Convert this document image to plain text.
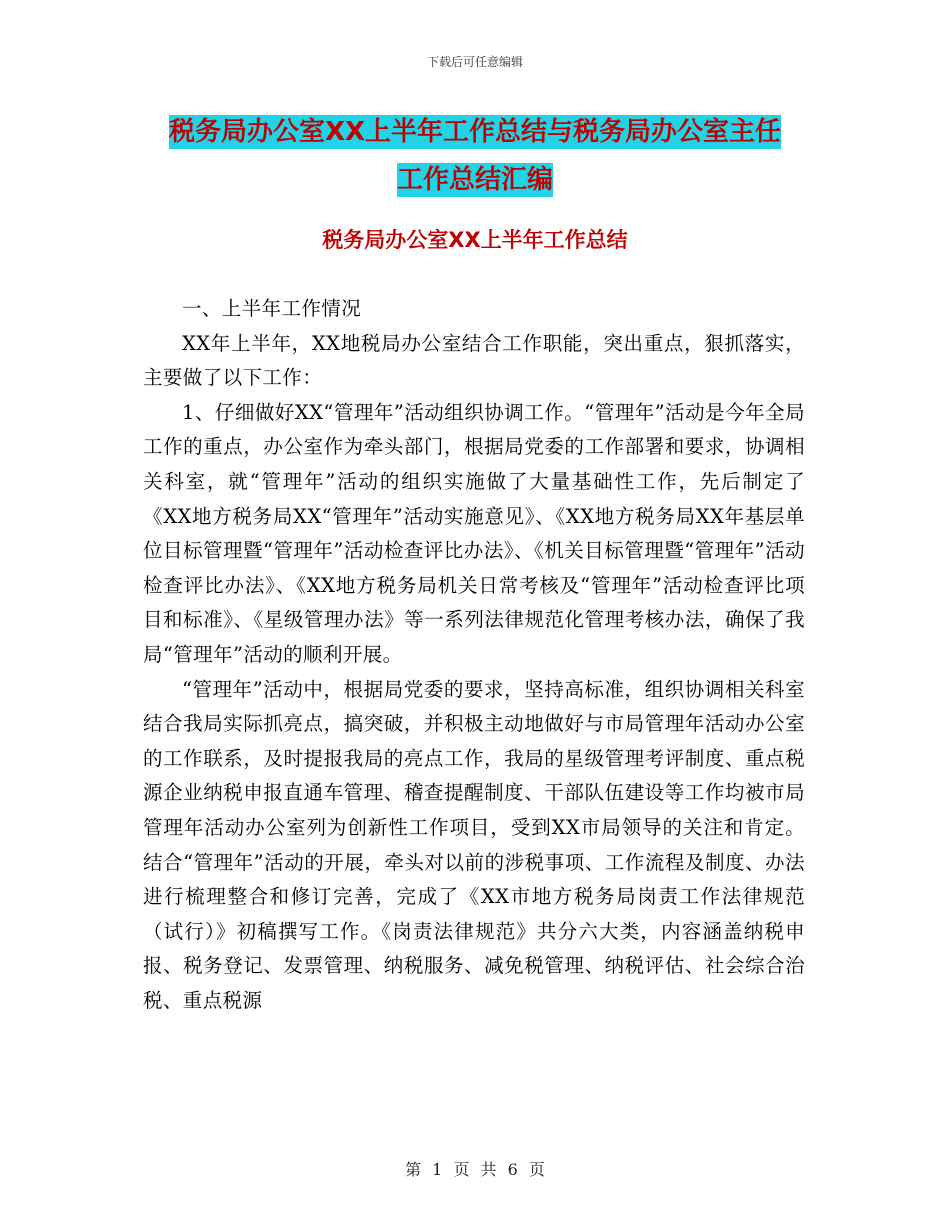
下载后可任意编辑
税务局办公室XX上半年工作总结与税务局办公室主任
工作总结汇编
税务局办公室XX上半年工作总结

一、上半年工作情况

XX年上半年，XX地税局办公室结合工作职能，突出重点，狠抓落实，主要做了以下工作：

1、仔细做好XX“管理年”活动组织协调工作。“管理年”活动是今年全局工作的重点，办公室作为牵头部门，根据局党委的工作部署和要求，协调相关科室，就“管理年”活动的组织实施做了大量基础性工作，先后制定了《XX地方税务局XX“管理年”活动实施意见》、《XX地方税务局XX年基层单位目标管理暨“管理年”活动检查评比办法》、《机关目标管理暨“管理年”活动检查评比办法》、《XX地方税务局机关日常考核及“管理年”活动检查评比项目和标准》、《星级管理办法》等一系列法律规范化管理考核办法，确保了我局“管理年”活动的顺利开展。

“管理年”活动中，根据局党委的要求，坚持高标准，组织协调相关科室结合我局实际抓亮点，搞突破，并积极主动地做好与市局管理年活动办公室的工作联系，及时提报我局的亮点工作，我局的星级管理考评制度、重点税源企业纳税申报直通车管理、稽查提醒制度、干部队伍建设等工作均被市局管理年活动办公室列为创新性工作项目，受到XX市局领导的关注和肯定。结合“管理年”活动的开展，牵头对以前的涉税事项、工作流程及制度、办法进行梳理整合和修订完善，完成了《XX市地方税务局岗责工作法律规范（试行）》初稿撰写工作。《岗责法律规范》共分六大类，内容涵盖纳税申报、税务登记、发票管理、纳税服务、减免税管理、纳税评估、社会综合治税、重点税源

第 1 页 共 6 页
